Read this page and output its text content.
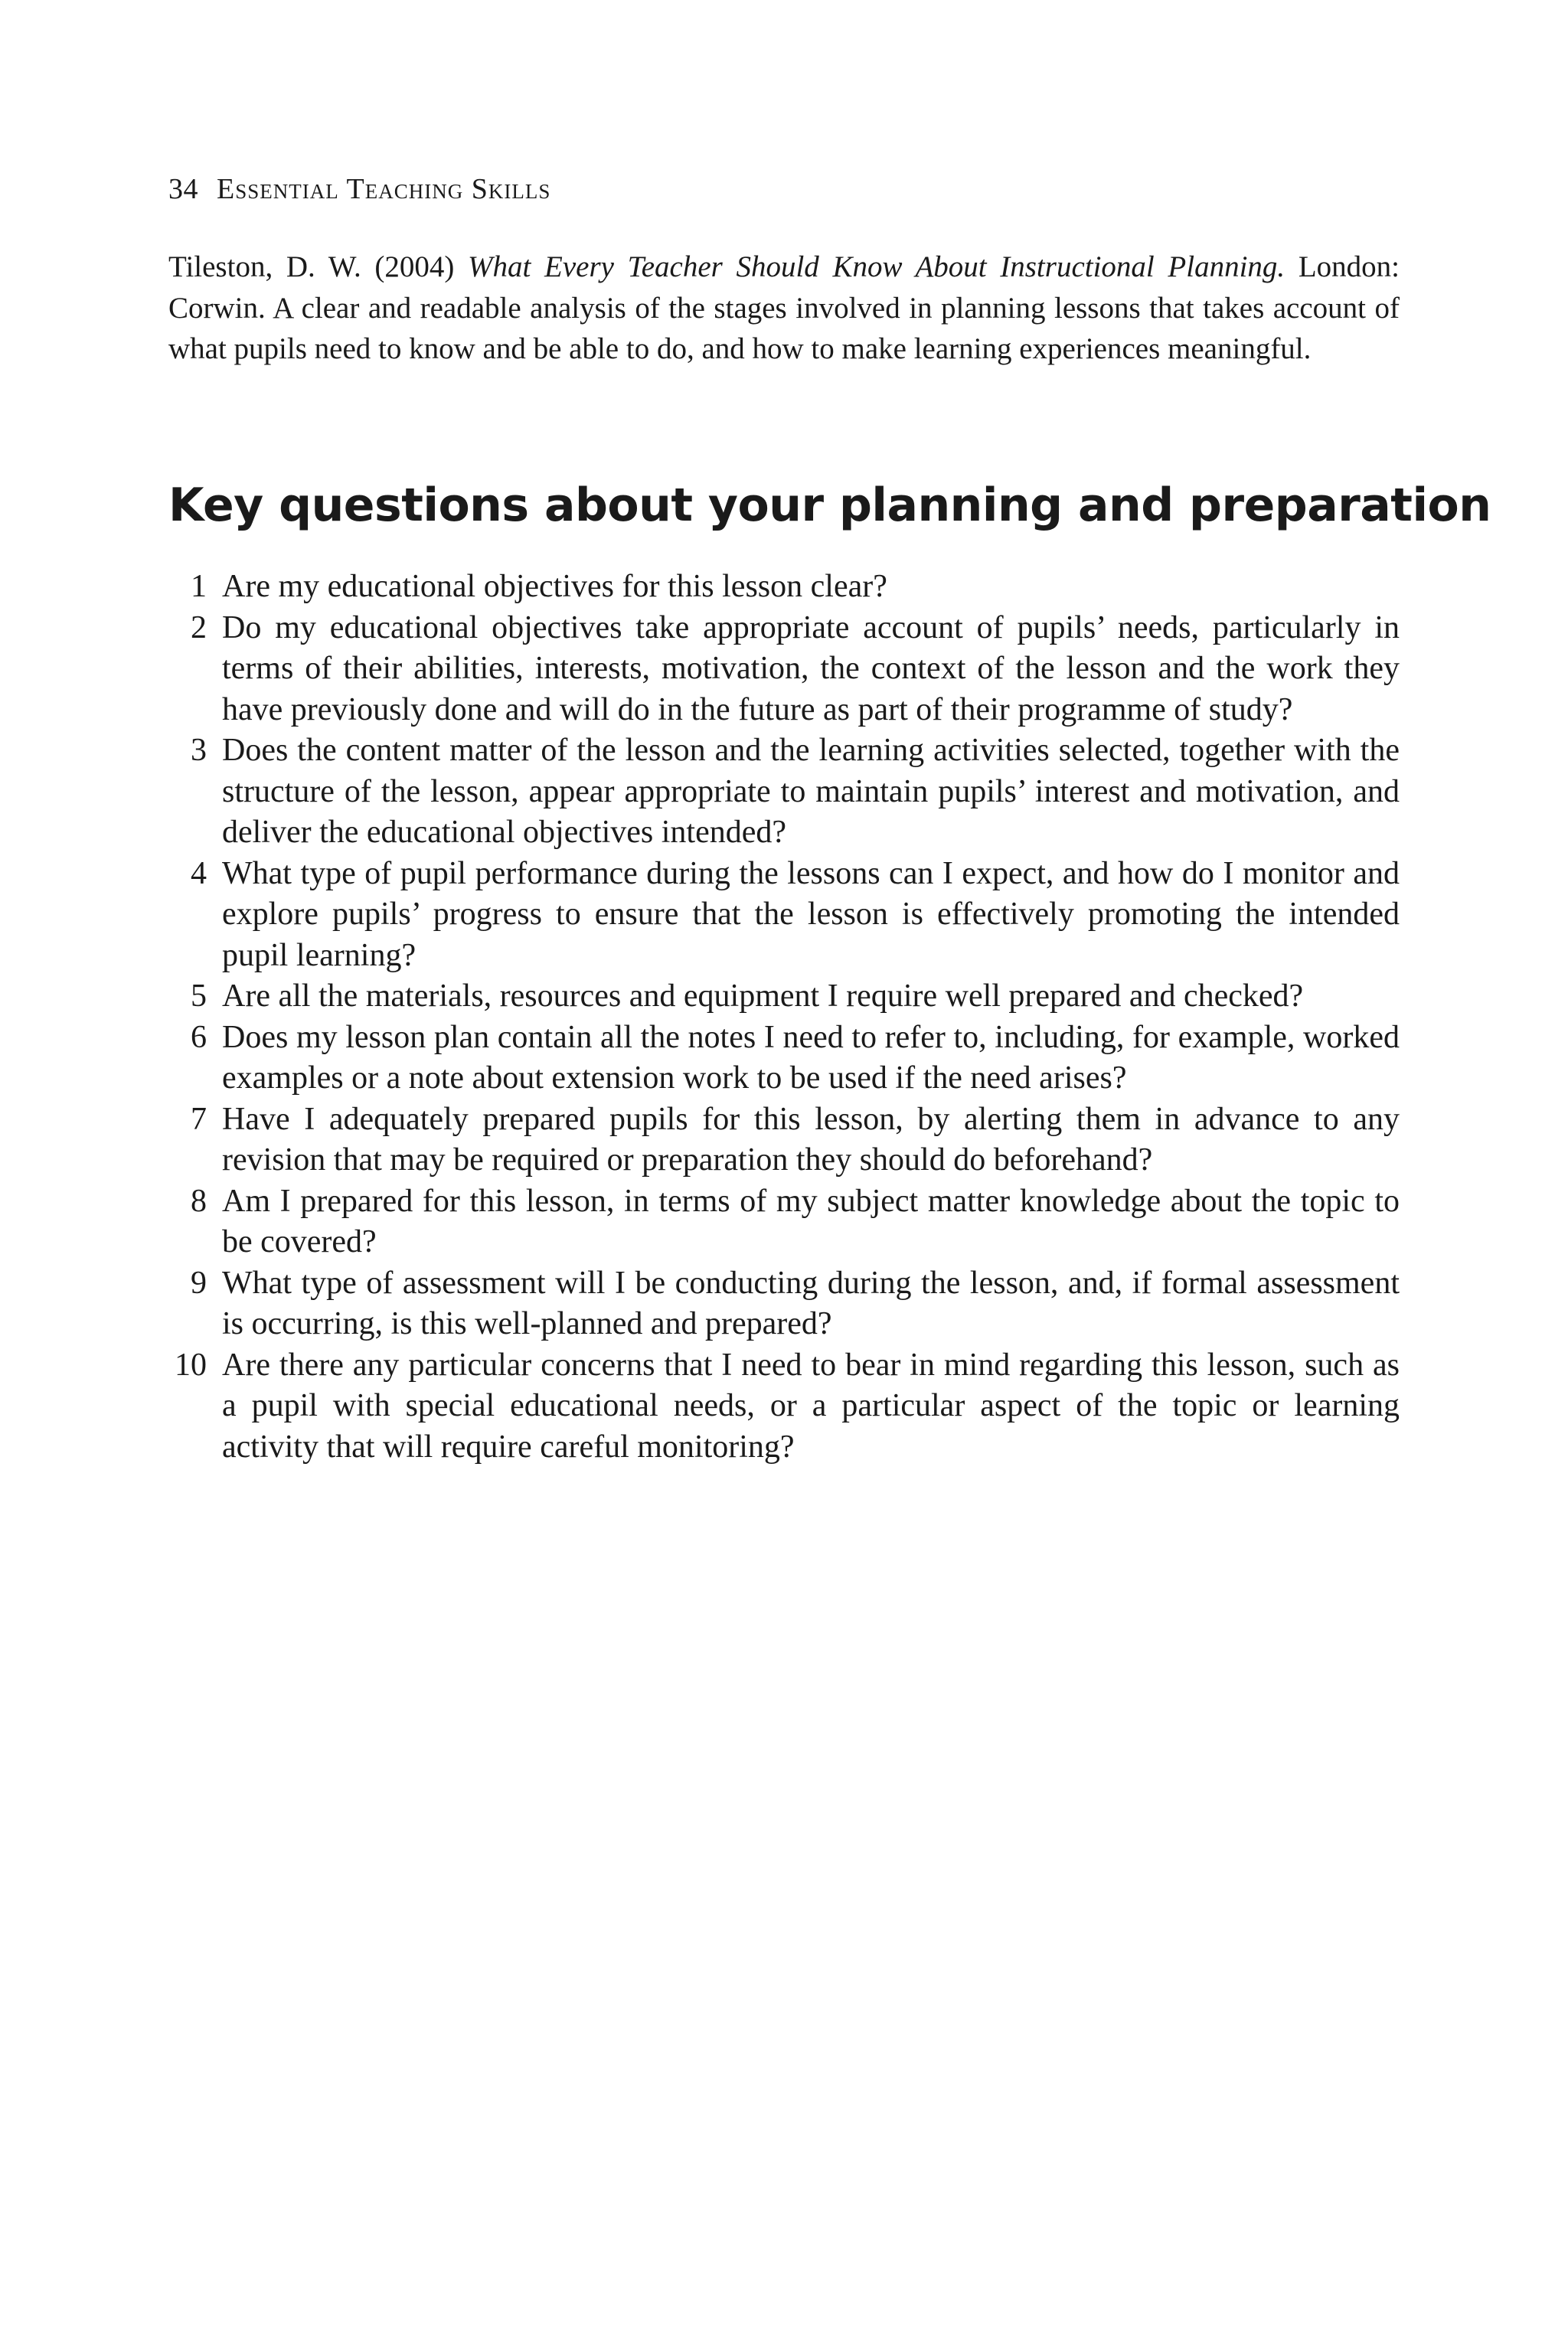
34 Essential Teaching Skills

Tileston, D. W. (2004) What Every Teacher Should Know About Instructional Planning. London: Corwin. A clear and readable analysis of the stages involved in planning lessons that takes account of what pupils need to know and be able to do, and how to make learning experiences meaningful.

Key questions about your planning and preparation
1 Are my educational objectives for this lesson clear?
2 Do my educational objectives take appropriate account of pupils’ needs, particularly in terms of their abilities, interests, motivation, the context of the lesson and the work they have previously done and will do in the future as part of their programme of study?
3 Does the content matter of the lesson and the learning activities selected, together with the structure of the lesson, appear appropriate to maintain pupils’ interest and motivation, and deliver the educational objectives intended?
4 What type of pupil performance during the lessons can I expect, and how do I monitor and explore pupils’ progress to ensure that the lesson is effectively promoting the intended pupil learning?
5 Are all the materials, resources and equipment I require well prepared and checked?
6 Does my lesson plan contain all the notes I need to refer to, including, for example, worked examples or a note about extension work to be used if the need arises?
7 Have I adequately prepared pupils for this lesson, by alerting them in advance to any revision that may be required or preparation they should do beforehand?
8 Am I prepared for this lesson, in terms of my subject matter knowledge about the topic to be covered?
9 What type of assessment will I be conducting during the lesson, and, if formal assessment is occurring, is this well-planned and prepared?
10 Are there any particular concerns that I need to bear in mind regarding this lesson, such as a pupil with special educational needs, or a particular aspect of the topic or learning activity that will require careful monitoring?
